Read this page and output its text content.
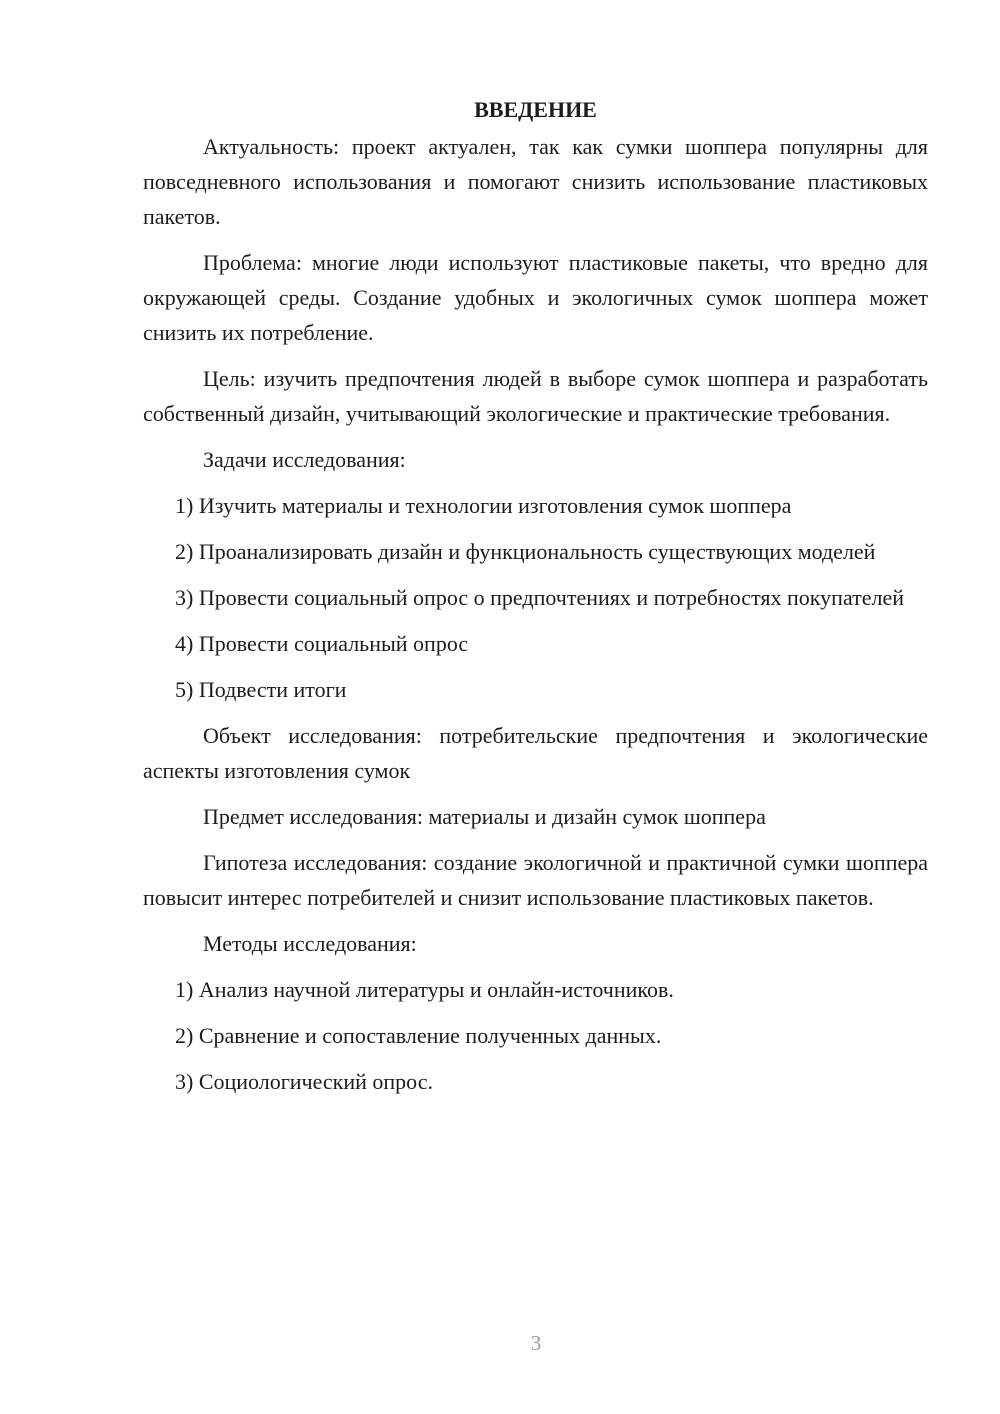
ВВЕДЕНИЕ

Актуальность: проект актуален, так как сумки шоппера популярны для повседневного использования и помогают снизить использование пластиковых пакетов.

Проблема: многие люди используют пластиковые пакеты, что вредно для окружающей среды. Создание удобных и экологичных сумок шоппера может снизить их потребление.

Цель: изучить предпочтения людей в выборе сумок шоппера и разработать собственный дизайн, учитывающий экологические и практические требования.

Задачи исследования:

1) Изучить материалы и технологии изготовления сумок шоппера

2) Проанализировать дизайн и функциональность существующих моделей

3) Провести социальный опрос о предпочтениях и потребностях покупателей

4) Провести социальный опрос

5) Подвести итоги

Объект исследования: потребительские предпочтения и экологические аспекты изготовления сумок

Предмет исследования: материалы и дизайн сумок шоппера

Гипотеза исследования: создание экологичной и практичной сумки шоппера повысит интерес потребителей и снизит использование пластиковых пакетов.

Методы исследования:

1) Анализ научной литературы и онлайн-источников.

2) Сравнение и сопоставление полученных данных.

3) Социологический опрос.

3
